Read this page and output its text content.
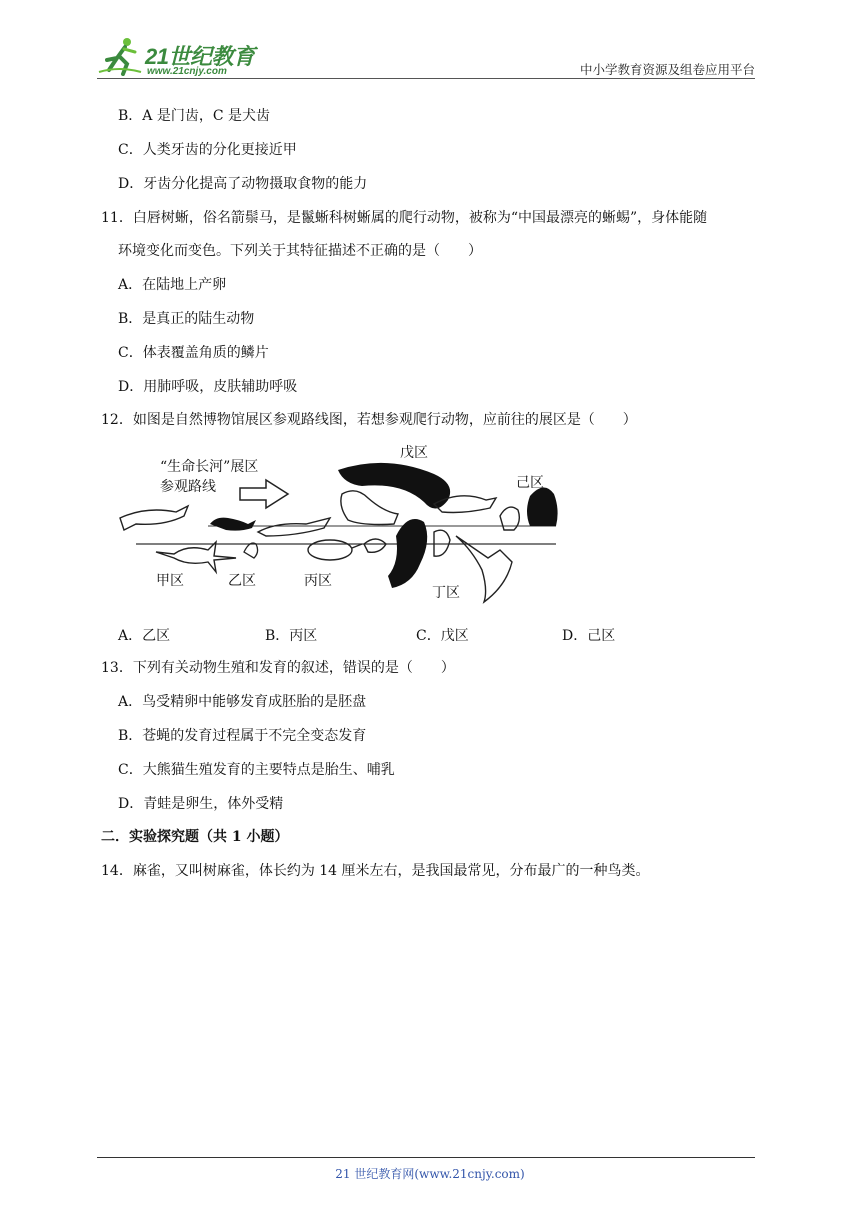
21世纪教育
www.21cnjy.com	中小学教育资源及组卷应用平台
B．A 是门齿，C 是犬齿
C．人类牙齿的分化更接近甲
D．牙齿分化提高了动物摄取食物的能力
11．白唇树蜥，俗名箭鬃马，是鬣蜥科树蜥属的爬行动物，被称为“中国最漂亮的蜥蜴”，身体能随
环境变化而变色。下列关于其特征描述不正确的是（　　）
A．在陆地上产卵
B．是真正的陆生动物
C．体表覆盖角质的鳞片
D．用肺呼吸，皮肤辅助呼吸
12．如图是自然博物馆展区参观路线图，若想参观爬行动物，应前往的展区是（　　）
“生命长河”展区
参观路线
甲区	乙区	丙区
丁区
戊区
己区
A．乙区	B．丙区	C．戊区	D．己区
13．下列有关动物生殖和发育的叙述，错误的是（　　）
A．鸟受精卵中能够发育成胚胎的是胚盘
B．苍蝇的发育过程属于不完全变态发育
C．大熊猫生殖发育的主要特点是胎生、哺乳
D．青蛙是卵生，体外受精
二．实验探究题（共 1 小题）
14．麻雀，又叫树麻雀，体长约为 14 厘米左右，是我国最常见，分布最广的一种鸟类。
21 世纪教育网(www.21cnjy.com)
